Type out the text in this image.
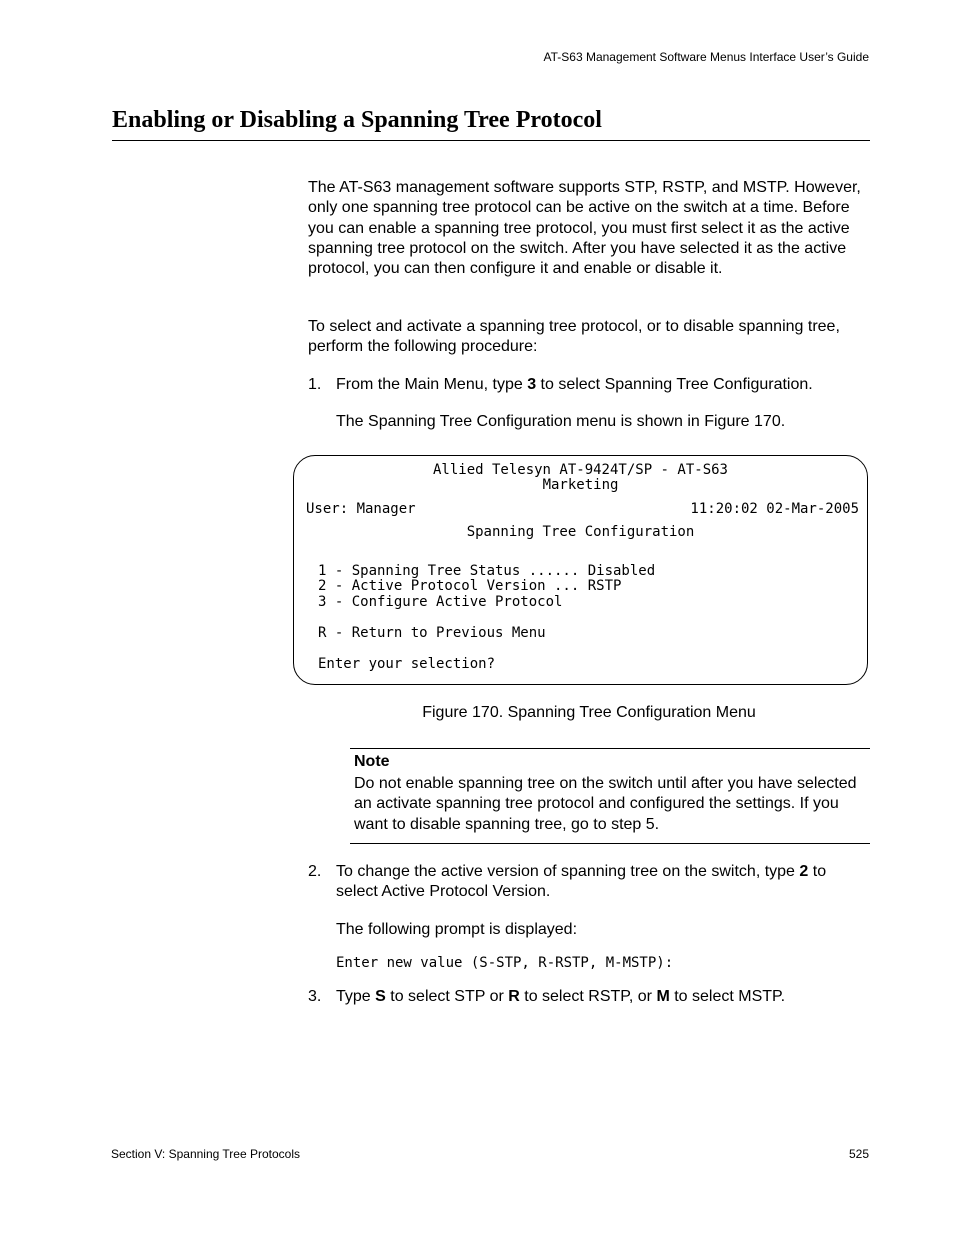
AT-S63 Management Software Menus Interface User’s Guide
Enabling or Disabling a Spanning Tree Protocol

The AT-S63 management software supports STP, RSTP, and MSTP. However, only one spanning tree protocol can be active on the switch at a time. Before you can enable a spanning tree protocol, you must first select it as the active spanning tree protocol on the switch. After you have selected it as the active protocol, you can then configure it and enable or disable it.

To select and activate a spanning tree protocol, or to disable spanning tree, perform the following procedure:

1. From the Main Menu, type 3 to select Spanning Tree Configuration.
The Spanning Tree Configuration menu is shown in Figure 170.
Allied Telesyn AT-9424T/SP - AT-S63
Marketing
User: Manager	11:20:02 02-Mar-2005
Spanning Tree Configuration
1 - Spanning Tree Status ...... Disabled
2 - Active Protocol Version ... RSTP
3 - Configure Active Protocol
R - Return to Previous Menu
Enter your selection?
Figure 170. Spanning Tree Configuration Menu
Note
Do not enable spanning tree on the switch until after you have selected an activate spanning tree protocol and configured the settings. If you want to disable spanning tree, go to step 5.
2. To change the active version of spanning tree on the switch, type 2 to select Active Protocol Version.
The following prompt is displayed:
Enter new value (S-STP, R-RSTP, M-MSTP):
3. Type S to select STP or R to select RSTP, or M to select MSTP.
Section V: Spanning Tree Protocols	525
